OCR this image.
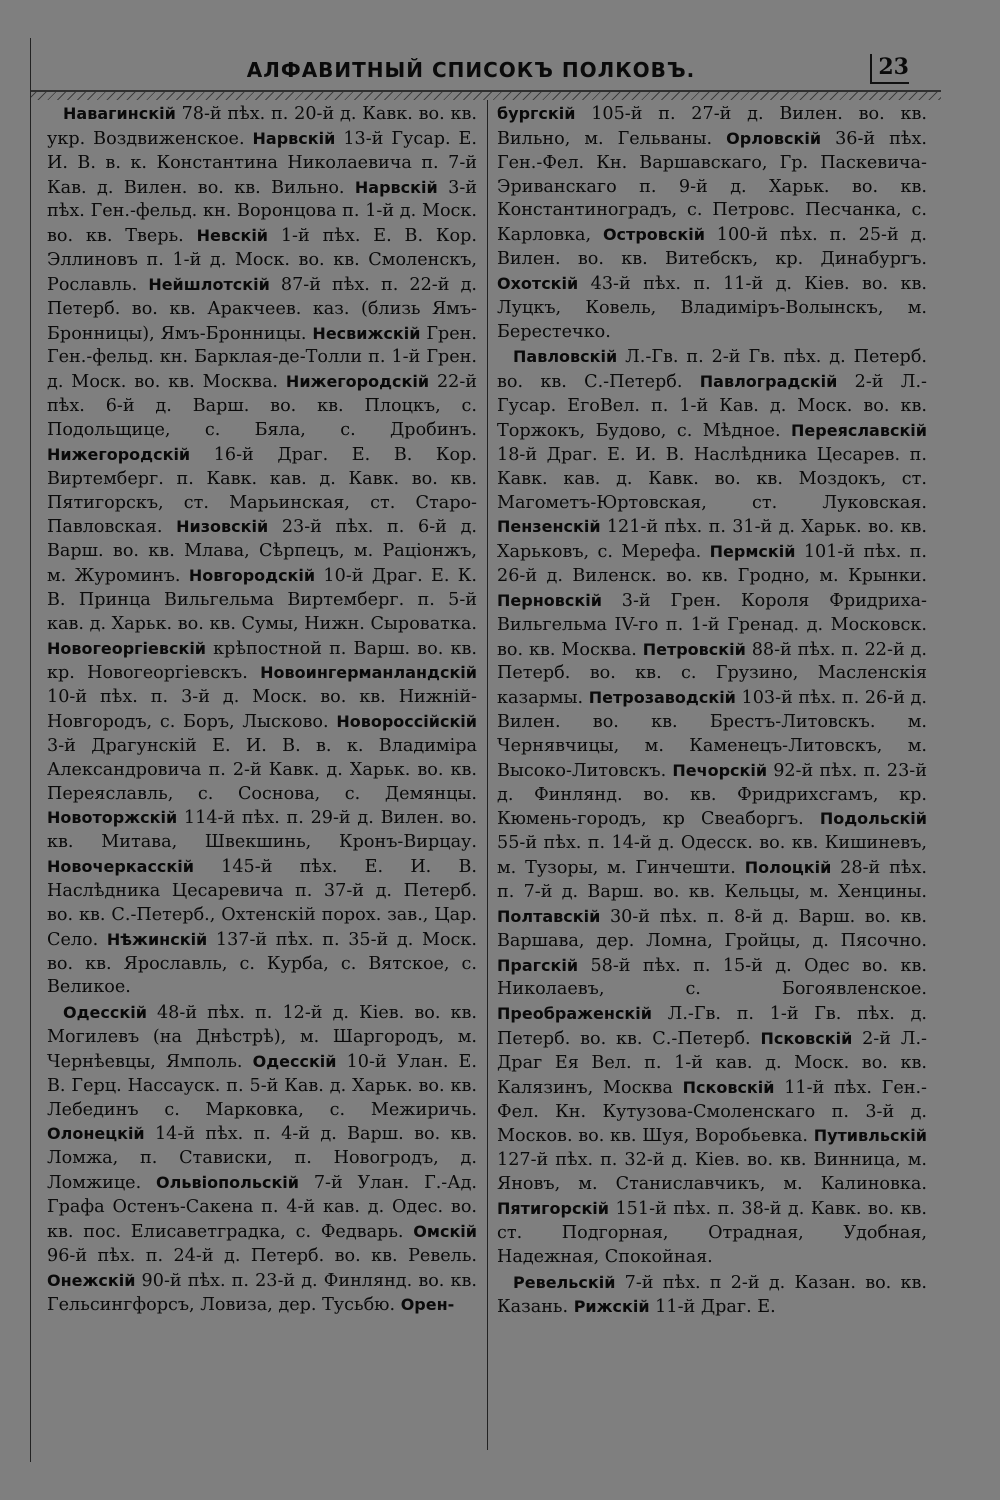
АЛФАВИТНЫЙ СПИСОКЪ ПОЛКОВЪ.	23

Навагинскій 78-й пѣх. п. 20-й д. Кавк. во. кв. укр. Воздвиженское. Нарвскій 13-й Гусар. Е. И. В. в. к. Константина Николаевича п. 7-й Кав. д. Вилен. во. кв. Вильно. Нарвскій 3-й пѣх. Ген.-фельд. кн. Воронцова п. 1-й д. Моск. во. кв. Тверь. Невскій 1-й пѣх. Е. В. Кор. Эллиновъ п. 1-й д. Моск. во. кв. Смоленскъ, Рославль. Нейшлотскій 87-й пѣх. п. 22-й д. Петерб. во. кв. Аракчеев. каз. (близь Ямъ-Бронницы), Ямъ-Бронницы. Несвижскій Грен. Ген.-фельд. кн. Барклая-де-Толли п. 1-й Грен. д. Моск. во. кв. Москва. Нижегородскій 22-й пѣх. 6-й д. Варш. во. кв. Плоцкъ, с. Подольщице, с. Бяла, с. Дробинъ. Нижегородскій 16-й Драг. Е. В. Кор. Виртемберг. п. Кавк. кав. д. Кавк. во. кв. Пятигорскъ, ст. Марьинская, ст. Старо-Павловская. Низовскій 23-й пѣх. п. 6-й д. Варш. во. кв. Млава, Сѣрпецъ, м. Раціонжъ, м. Журоминъ. Новгородскій 10-й Драг. Е. К. В. Принца Вильгельма Виртемберг. п. 5-й кав. д. Харьк. во. кв. Сумы, Нижн. Сыроватка. Новогеоргіевскій крѣпостной п. Варш. во. кв. кр. Новогеоргіевскъ. Новоингерманландскій 10-й пѣх. п. 3-й д. Моск. во. кв. Нижній-Новгородъ, с. Боръ, Лысково. Новороссійскій 3-й Драгунскій Е. И. В. в. к. Владиміра Александровича п. 2-й Кавк. д. Харьк. во. кв. Переяславль, с. Соснова, с. Демянцы. Новоторжскій 114-й пѣх. п. 29-й д. Вилен. во. кв. Митава, Швекшинь, Кронъ-Вирцау. Новочеркасскій 145-й пѣх. Е. И. В. Наслѣдника Цесаревича п. 37-й д. Петерб. во. кв. С.-Петерб., Охтенскій порох. зав., Цар. Село. Нѣжинскій 137-й пѣх. п. 35-й д. Моск. во. кв. Ярославль, с. Курба, с. Вятское, с. Великое.

Одесскій 48-й пѣх. п. 12-й д. Кіев. во. кв. Могилевъ (на Днѣстрѣ), м. Шаргородъ, м. Чернѣевцы, Ямполь. Одесскій 10-й Улан. Е. В. Герц. Нассауск. п. 5-й Кав. д. Харьк. во. кв. Лебединъ с. Марковка, с. Межиричь. Олонецкій 14-й пѣх. п. 4-й д. Варш. во. кв. Ломжа, п. Стависки, п. Новогродъ, д. Ломжице. Ольвіопольскій 7-й Улан. Г.-Ад. Графа Остенъ-Сакена п. 4-й кав. д. Одес. во. кв. пос. Елисаветградка, с. Федварь. Омскій 96-й пѣх. п. 24-й д. Петерб. во. кв. Ревель. Онежскій 90-й пѣх. п. 23-й д. Финлянд. во. кв. Гельсингфорсъ, Ловиза, дер. Тусьбю. Орен-

бургскій 105-й п. 27-й д. Вилен. во. кв. Вильно, м. Гельваны. Орловскій 36-й пѣх. Ген.-Фел. Кн. Варшавскаго, Гр. Паскевича-Эриванскаго п. 9-й д. Харьк. во. кв. Константиноградъ, с. Петровс. Песчанка, с. Карловка, Островскій 100-й пѣх. п. 25-й д. Вилен. во. кв. Витебскъ, кр. Динабургъ. Охотскій 43-й пѣх. п. 11-й д. Кіев. во. кв. Луцкъ, Ковель, Владиміръ-Волынскъ, м. Берестечко.

Павловскій Л.-Гв. п. 2-й Гв. пѣх. д. Петерб. во. кв. С.-Петерб. Павлоградскій 2-й Л.-Гусар. ЕгоВел. п. 1-й Кав. д. Моск. во. кв. Торжокъ, Будово, с. Мѣдное. Переяславскій 18-й Драг. Е. И. В. Наслѣдника Цесарев. п. Кавк. кав. д. Кавк. во. кв. Моздокъ, ст. Магометъ-Юртовская, ст. Луковская. Пензенскій 121-й пѣх. п. 31-й д. Харьк. во. кв. Харьковъ, с. Мерефа. Пермскій 101-й пѣх. п. 26-й д. Виленск. во. кв. Гродно, м. Крынки. Перновскій 3-й Грен. Короля Фридриха-Вильгельма IV-го п. 1-й Гренад. д. Московск. во. кв. Москва. Петровскій 88-й пѣх. п. 22-й д. Петерб. во. кв. с. Грузино, Масленскія казармы. Петрозаводскій 103-й пѣх. п. 26-й д. Вилен. во. кв. Брестъ-Литовскъ. м. Чернявчицы, м. Каменецъ-Литовскъ, м. Высоко-Литовскъ. Печорскій 92-й пѣх. п. 23-й д. Финлянд. во. кв. Фридрихсгамъ, кр. Кюмень-городъ, кр Свеаборгъ. Подольскій 55-й пѣх. п. 14-й д. Одесск. во. кв. Кишиневъ, м. Тузоры, м. Гинчешти. Полоцкій 28-й пѣх. п. 7-й д. Варш. во. кв. Кельцы, м. Хенцины. Полтавскій 30-й пѣх. п. 8-й д. Варш. во. кв. Варшава, дер. Ломна, Гройцы, д. Пясочно. Прагскій 58-й пѣх. п. 15-й д. Одес во. кв. Николаевъ, с. Богоявленское. Преображенскій Л.-Гв. п. 1-й Гв. пѣх. д. Петерб. во. кв. С.-Петерб. Псковскій 2-й Л.-Драг Ея Вел. п. 1-й кав. д. Моск. во. кв. Калязинъ, Москва Псковскій 11-й пѣх. Ген.-Фел. Кн. Кутузова-Смоленскаго п. 3-й д. Москов. во. кв. Шуя, Воробьевка. Путивльскій 127-й пѣх. п. 32-й д. Кіев. во. кв. Винница, м. Яновъ, м. Станиславчикъ, м. Калиновка. Пятигорскій 151-й пѣх. п. 38-й д. Кавк. во. кв. ст. Подгорная, Отрадная, Удобная, Надежная, Спокойная.

Ревельскій 7-й пѣх. п 2-й д. Казан. во. кв. Казань. Рижскій 11-й Драг. Е.
